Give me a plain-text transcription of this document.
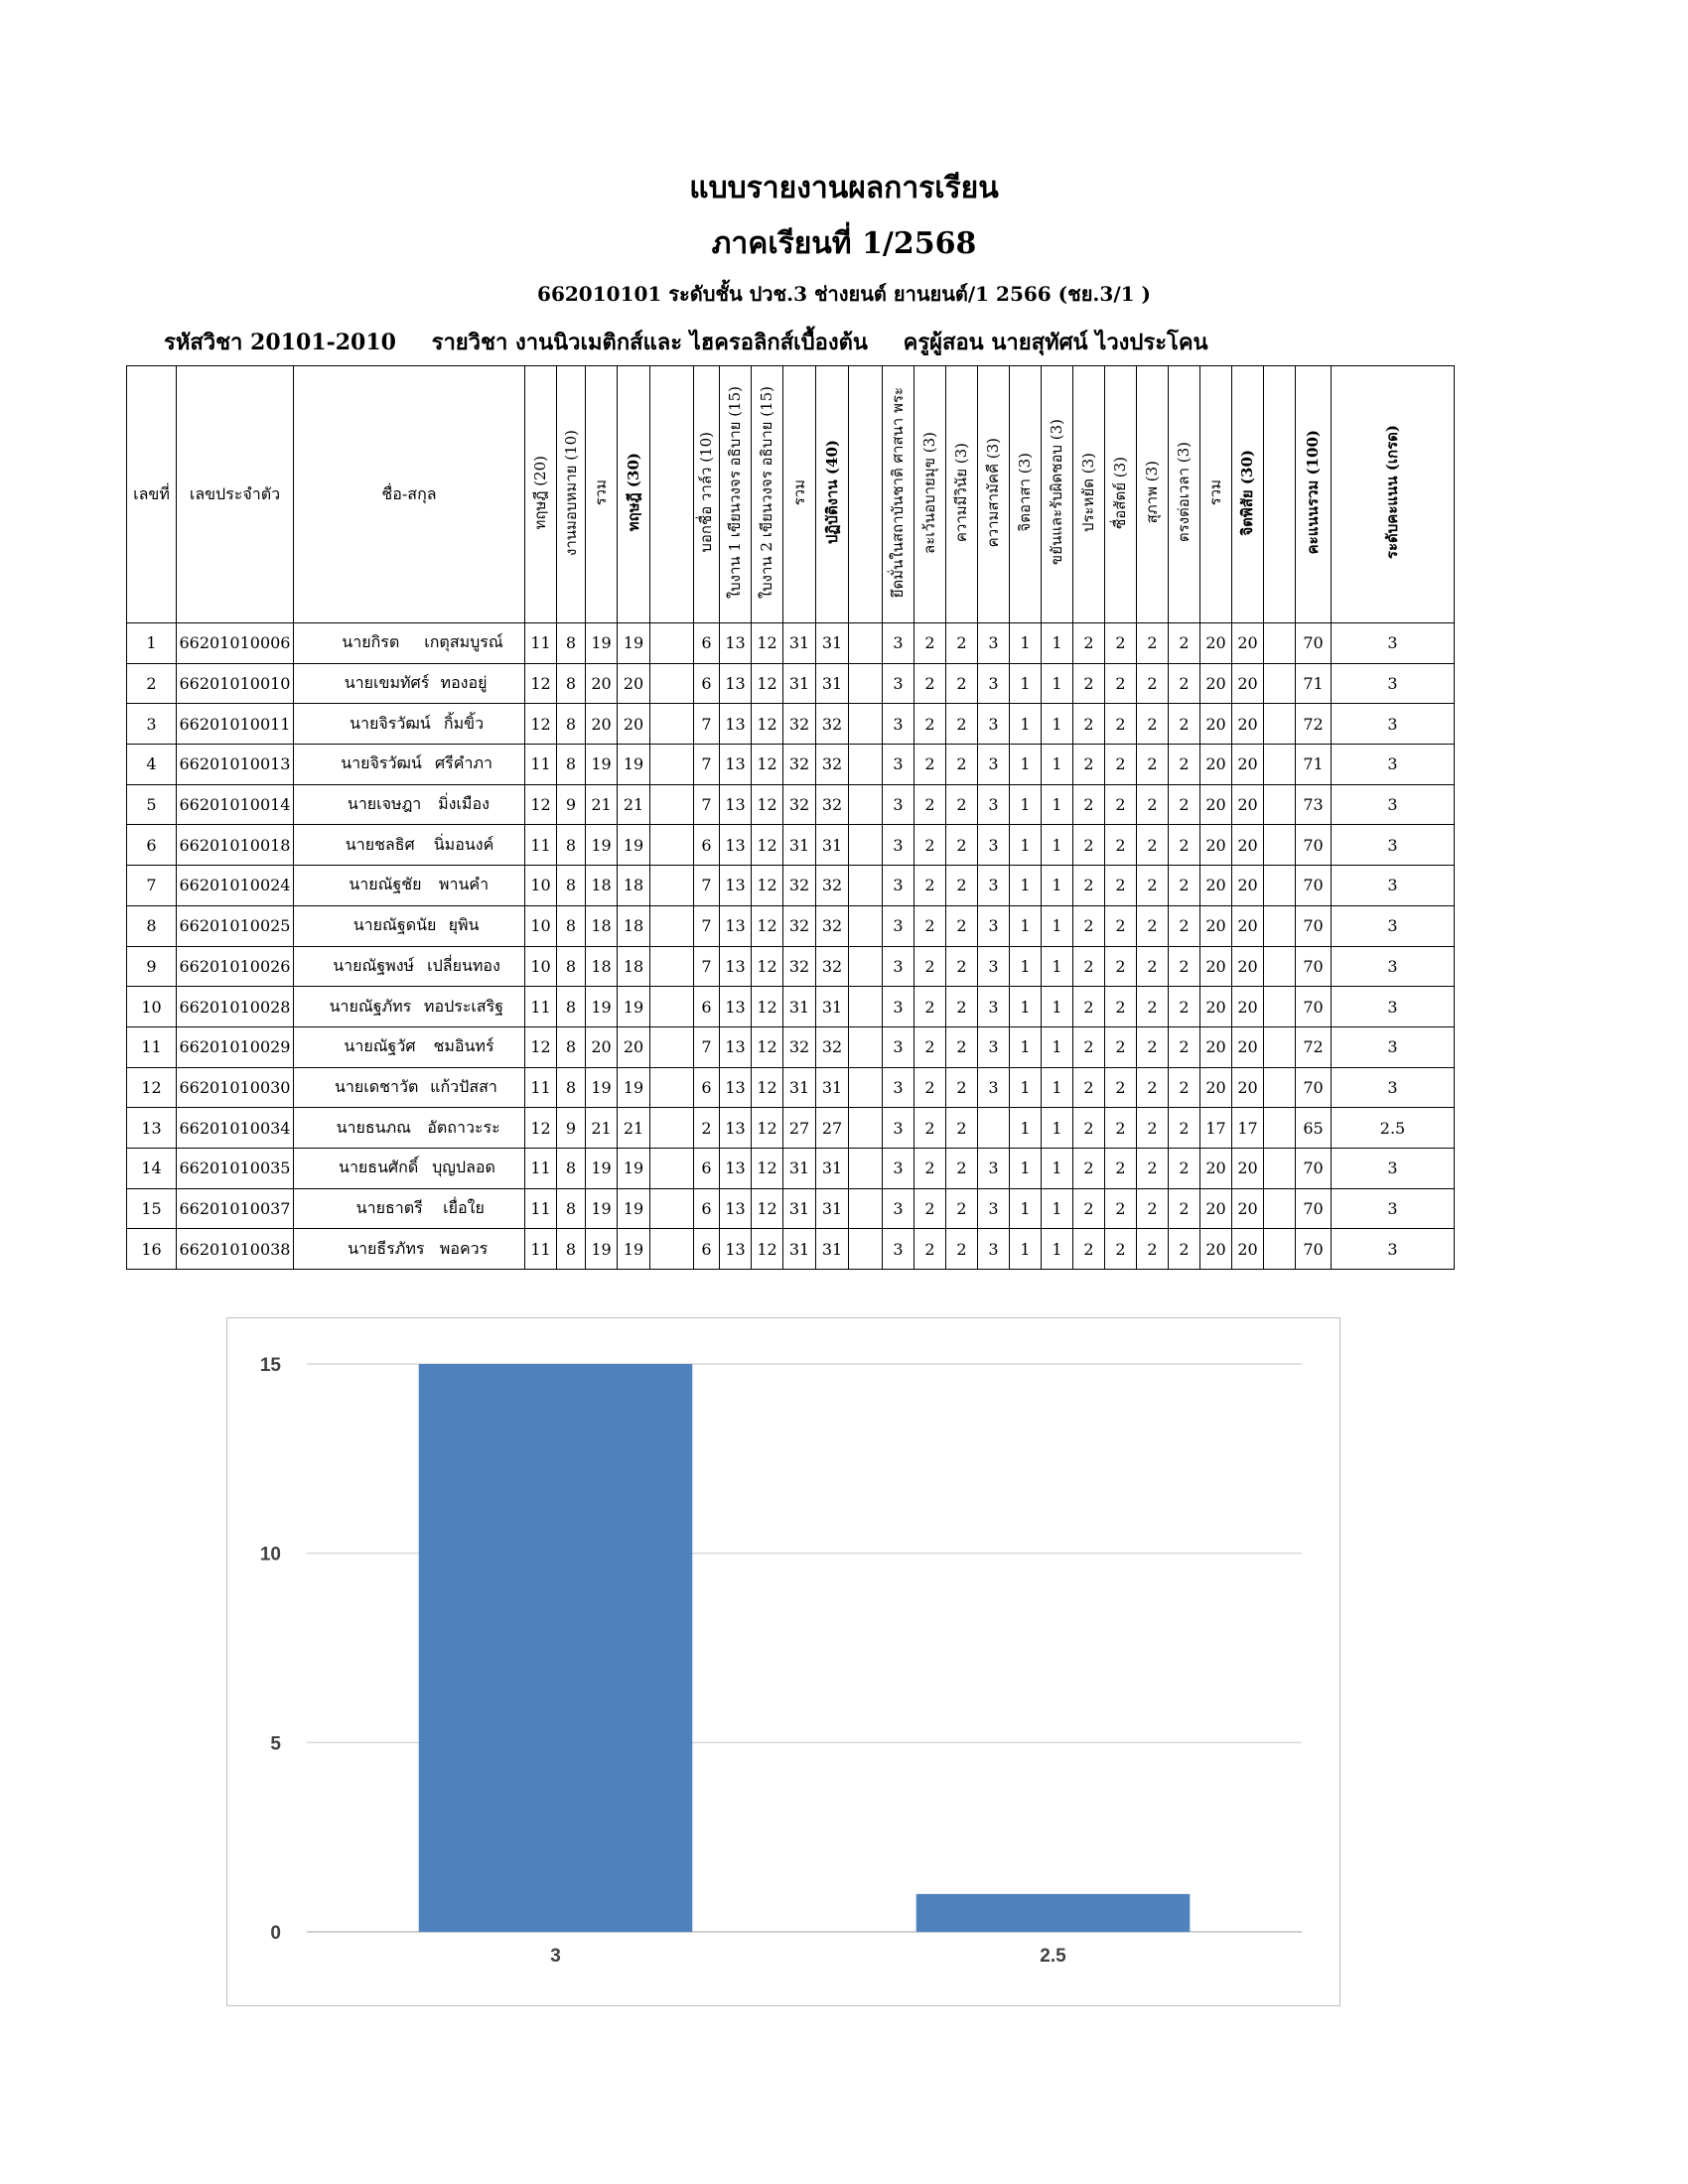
แบบรายงานผลการเรียน
ภาคเรียนที่ 1/2568
662010101 ระดับชั้น ปวช.3 ช่างยนต์ ยานยนต์/1 2566 (ชย.3/1 )
รหัสวิชา 20101-2010 รายวิชา งานนิวเมติกส์และ ไฮครอลิกส์เบื้องต้น ครูผู้สอน นายสุทัศน์ ไวงประโคน
เลขที่	เลขประจำตัว	ชื่อ-สกุล	ทฤษฎี (20)	งานมอบหมาย (10)	รวม	ทฤษฎี (30)		บอกชื่อ วาล์ว (10)	ใบงาน 1 เขียนวงจร อธิบาย (15)	ใบงาน 2 เขียนวงจร อธิบาย (15)	รวม	ปฏิบัติงาน (40)		ยึดมั่นในสถาบันชาติ ศาสนา พระ	ละเว้นอบายมุข (3)	ความมีวินัย (3)	ความสามัคคี (3)	จิตอาสา (3)	ขยันและรับผิดชอบ (3)	ประหยัด (3)	ซื่อสัตย์ (3)	สุภาพ (3)	ตรงต่อเวลา (3)	รวม	จิตพิสัย (30)		คะแนนรวม (100)	ระดับคะแนน (เกรด)
1	66201010006	นายกิรต เกตุสมบูรณ์	11	8	19	19		6	13	12	31	31		3	2	2	3	1	1	2	2	2	2	20	20		70	3
2	66201010010	นายเขมทัศร์ ทองอยู่	12	8	20	20		6	13	12	31	31		3	2	2	3	1	1	2	2	2	2	20	20		71	3
3	66201010011	นายจิรวัฒน์ กิ้มขิ้ว	12	8	20	20		7	13	12	32	32		3	2	2	3	1	1	2	2	2	2	20	20		72	3
4	66201010013	นายจิรวัฒน์ ศรีคำภา	11	8	19	19		7	13	12	32	32		3	2	2	3	1	1	2	2	2	2	20	20		71	3
5	66201010014	นายเจษฎา มิ่งเมือง	12	9	21	21		7	13	12	32	32		3	2	2	3	1	1	2	2	2	2	20	20		73	3
6	66201010018	นายชลธิศ นิ่มอนงค์	11	8	19	19		6	13	12	31	31		3	2	2	3	1	1	2	2	2	2	20	20		70	3
7	66201010024	นายณัฐชัย พานคำ	10	8	18	18		7	13	12	32	32		3	2	2	3	1	1	2	2	2	2	20	20		70	3
8	66201010025	นายณัฐดนัย ยุพิน	10	8	18	18		7	13	12	32	32		3	2	2	3	1	1	2	2	2	2	20	20		70	3
9	66201010026	นายณัฐพงษ์ เปลี่ยนทอง	10	8	18	18		7	13	12	32	32		3	2	2	3	1	1	2	2	2	2	20	20		70	3
10	66201010028	นายณัฐภัทร ทอประเสริฐ	11	8	19	19		6	13	12	31	31		3	2	2	3	1	1	2	2	2	2	20	20		70	3
11	66201010029	นายณัฐวัศ ชมอินทร์	12	8	20	20		7	13	12	32	32		3	2	2	3	1	1	2	2	2	2	20	20		72	3
12	66201010030	นายเดชาวัต แก้วปัสสา	11	8	19	19		6	13	12	31	31		3	2	2	3	1	1	2	2	2	2	20	20		70	3
13	66201010034	นายธนภณ อัตถาวะระ	12	9	21	21		2	13	12	27	27		3	2	2		1	1	2	2	2	2	17	17		65	2.5
14	66201010035	นายธนศักดิ์ บุญปลอด	11	8	19	19		6	13	12	31	31		3	2	2	3	1	1	2	2	2	2	20	20		70	3
15	66201010037	นายธาตรี เยื่อใย	11	8	19	19		6	13	12	31	31		3	2	2	3	1	1	2	2	2	2	20	20		70	3
16	66201010038	นายธีรภัทร พอควร	11	8	19	19		6	13	12	31	31		3	2	2	3	1	1	2	2	2	2	20	20		70	3
0
5
10
15
3	2.5
